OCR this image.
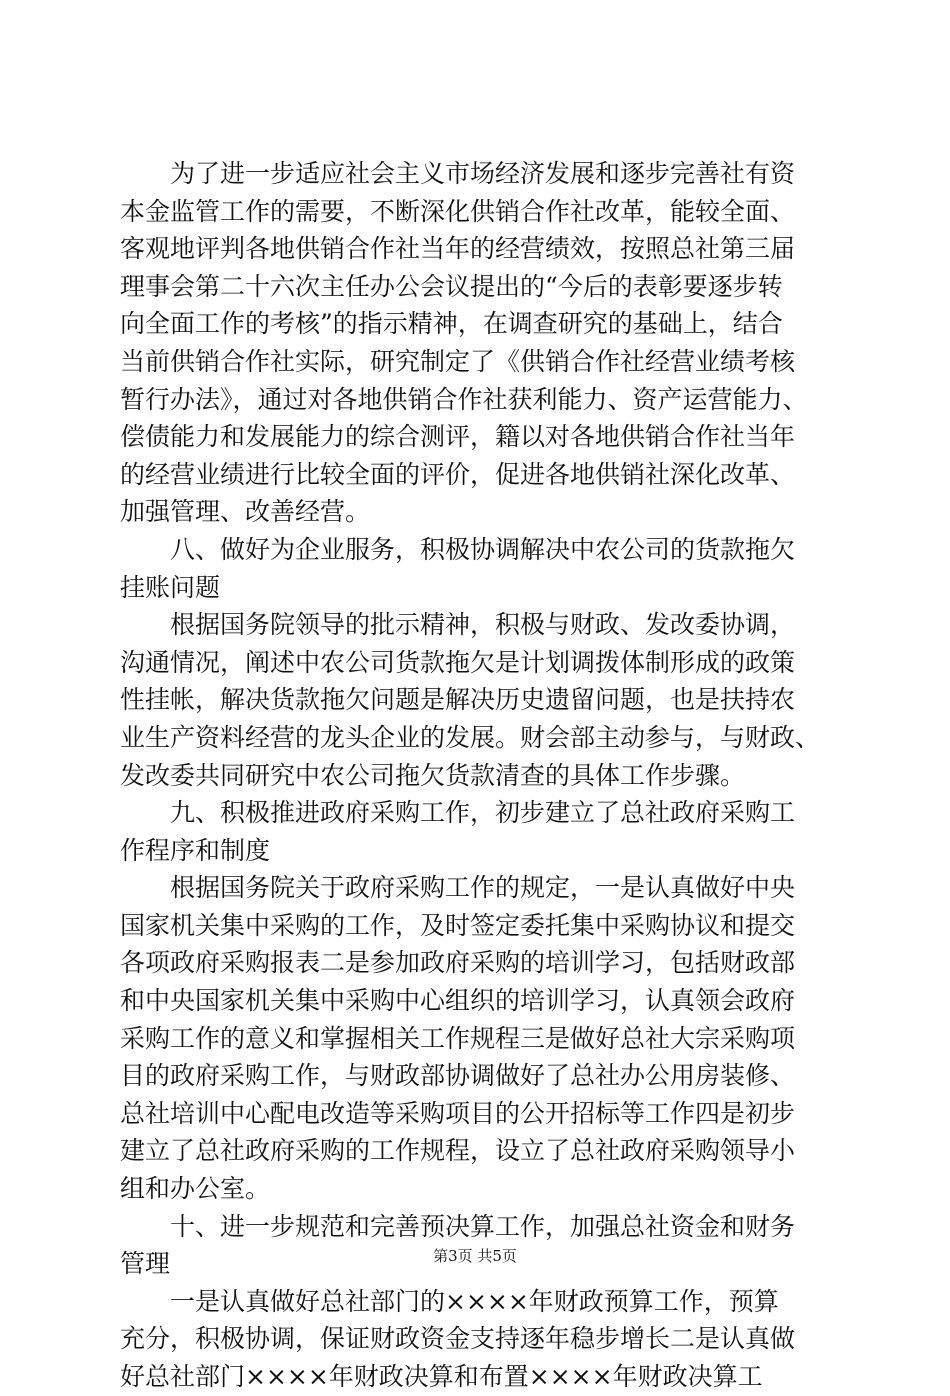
为了进一步适应社会主义市场经济发展和逐步完善社有资
本金监管工作的需要，不断深化供销合作社改革，能较全面、
客观地评判各地供销合作社当年的经营绩效，按照总社第三届
理事会第二十六次主任办公会议提出的“今后的表彰要逐步转
向全面工作的考核”的指示精神，在调查研究的基础上，结合
当前供销合作社实际，研究制定了《供销合作社经营业绩考核
暂行办法》，通过对各地供销合作社获利能力、资产运营能力、
偿债能力和发展能力的综合测评，籍以对各地供销合作社当年
的经营业绩进行比较全面的评价，促进各地供销社深化改革、
加强管理、改善经营。
八、做好为企业服务，积极协调解决中农公司的货款拖欠
挂账问题
根据国务院领导的批示精神，积极与财政、发改委协调，
沟通情况，阐述中农公司货款拖欠是计划调拨体制形成的政策
性挂帐，解决货款拖欠问题是解决历史遗留问题，也是扶持农
业生产资料经营的龙头企业的发展。财会部主动参与，与财政、
发改委共同研究中农公司拖欠货款清查的具体工作步骤。
九、积极推进政府采购工作，初步建立了总社政府采购工
作程序和制度
根据国务院关于政府采购工作的规定，一是认真做好中央
国家机关集中采购的工作，及时签定委托集中采购协议和提交
各项政府采购报表二是参加政府采购的培训学习，包括财政部
和中央国家机关集中采购中心组织的培训学习，认真领会政府
采购工作的意义和掌握相关工作规程三是做好总社大宗采购项
目的政府采购工作，与财政部协调做好了总社办公用房装修、
总社培训中心配电改造等采购项目的公开招标等工作四是初步
建立了总社政府采购的工作规程，设立了总社政府采购领导小
组和办公室。
十、进一步规范和完善预决算工作，加强总社资金和财务
管理
一是认真做好总社部门的××××年财政预算工作，预算
充分，积极协调，保证财政资金支持逐年稳步增长二是认真做
好总社部门××××年财政决算和布置××××年财政决算工
第3页 共5页
